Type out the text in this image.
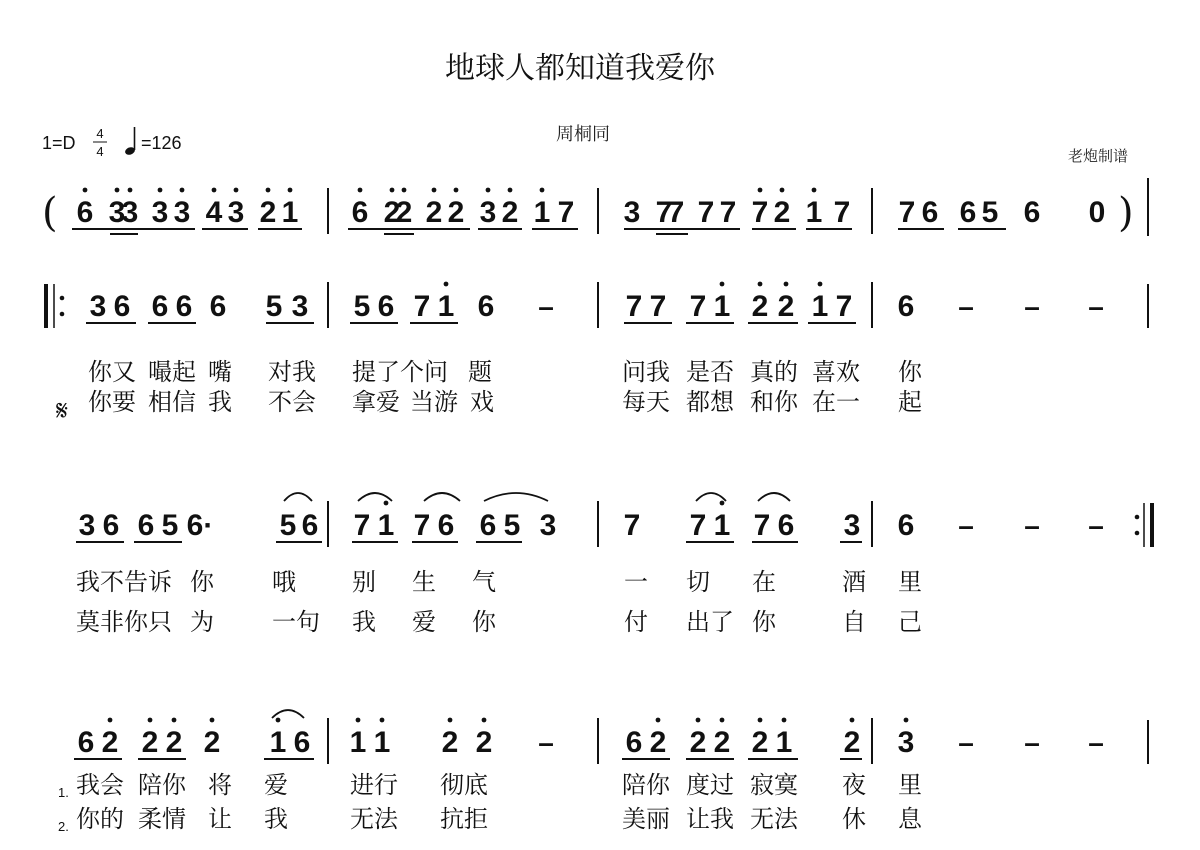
地球人都知道我爱你
周桐同
老炮制谱
1=D 4
4 =126
(	)
6 3
3 3 3 4 3 2 1 6 2
2 2 2 3 2 1 7 3 7
7 7 7 7 2 1 7 7 6 6 5 6 0
3 6 6 6 6 5 3 5 6 7 1 6 – 7 7 7 1 2 2 1 7 6 – – –
你又 嘬起 嘴 对我 提了个问 题	问我 是否 真的 喜欢 你
你要 相信 我 不会 拿爱 当游 戏	每天 都想 和你 在一 起
𝄋
3 6 6 5 6· 5 6 7 1 7 6 6 5 3 7 7 1 7 6 3 6 – – –
我不告诉 你 哦 别 生 气	一 切 在	酒 里
莫非你只 为 一句 我 爱 你	付 出了 你	自 己
6 2 2 2 2 1 6 1 1 2 2 – 6 2 2 2 2 1 2 3 – – –
我会 陪你 将 爱	进行 彻底	陪你 度过 寂寞 夜 里
你的 柔情 让 我	无法 抗拒	美丽 让我 无法 休 息
1.
2.
